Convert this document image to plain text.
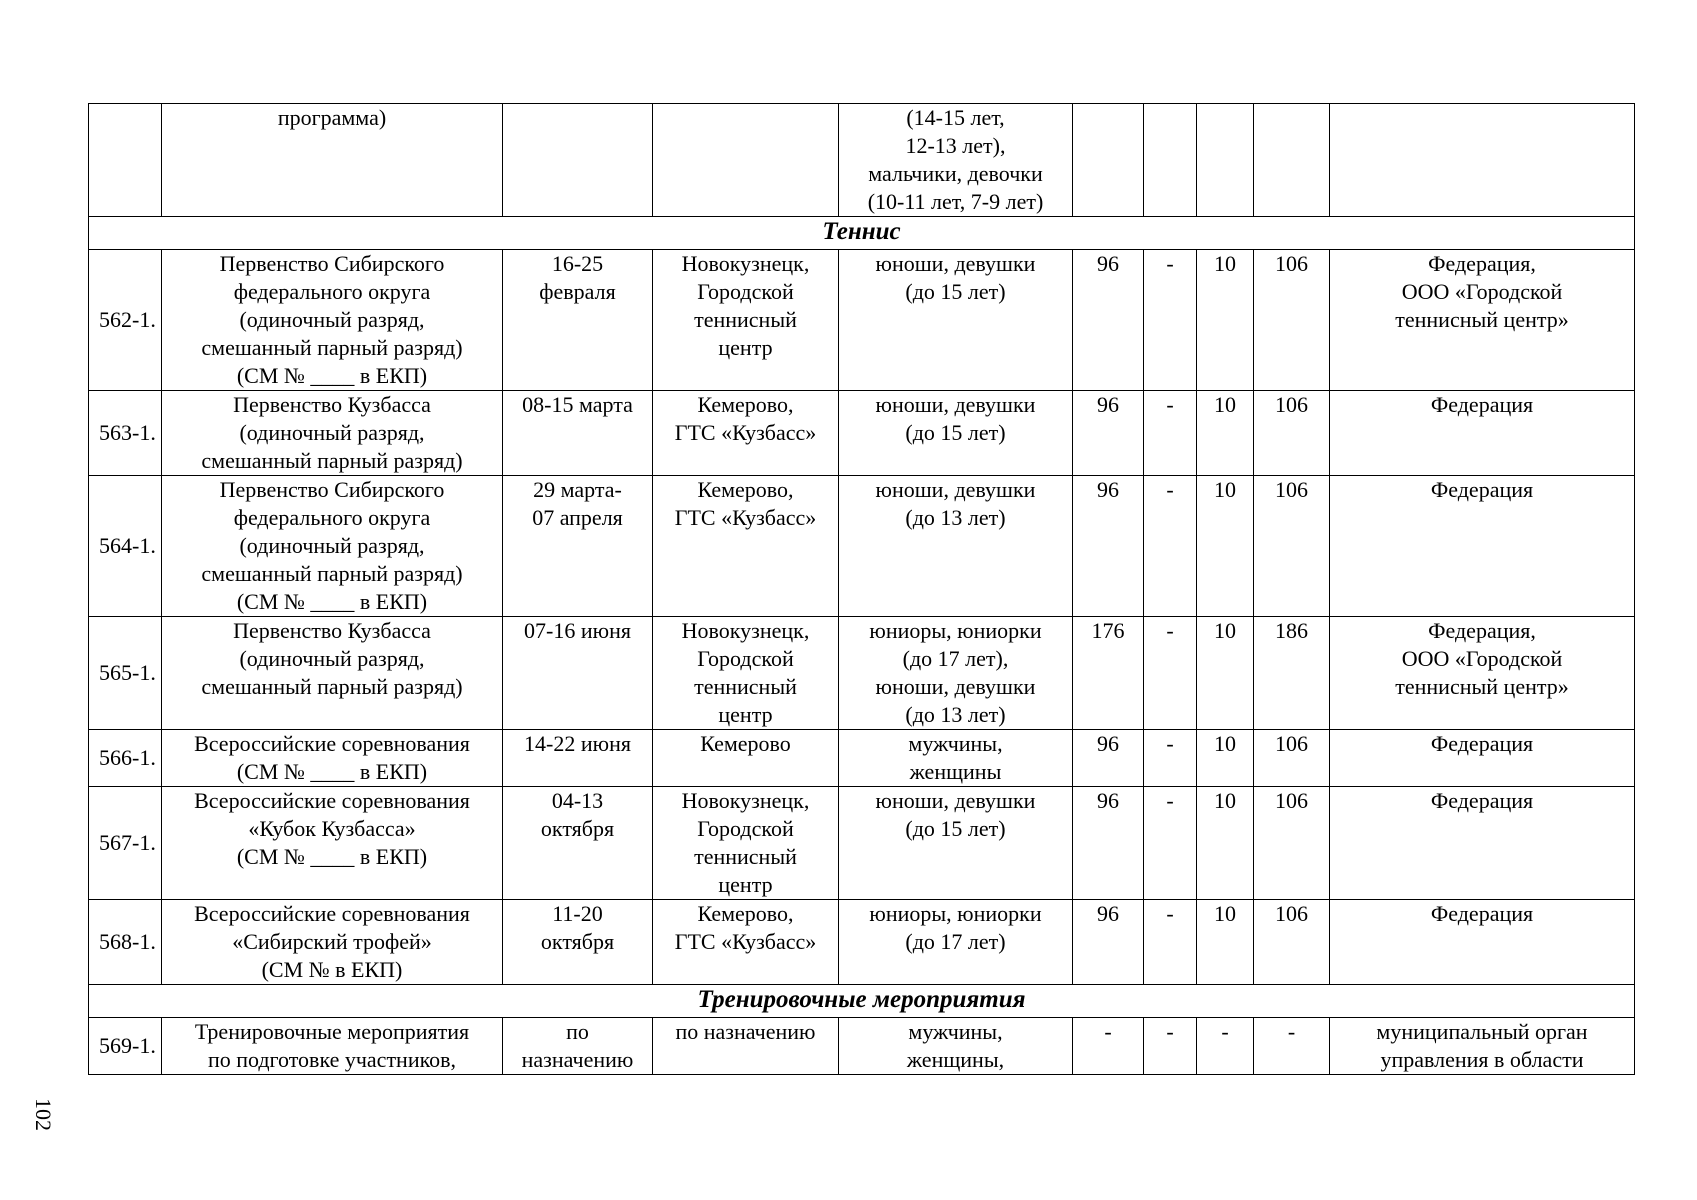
	программа)			(14-15 лет,
12-13 лет),
мальчики, девочки
(10-11 лет, 7-9 лет)					
Теннис									
562-1.	Первенство Сибирского
федерального округа
(одиночный разряд,
смешанный парный разряд)
(СМ № ____ в ЕКП)	16-25
февраля	Новокузнецк,
Городской
теннисный
центр	юноши, девушки
(до 15 лет)	96	-	10	106	Федерация,
ООО «Городской
теннисный центр»
563-1.	Первенство Кузбасса
(одиночный разряд,
смешанный парный разряд)	08-15 марта	Кемерово,
ГТС «Кузбасс»	юноши, девушки
(до 15 лет)	96	-	10	106	Федерация
564-1.	Первенство Сибирского
федерального округа
(одиночный разряд,
смешанный парный разряд)
(СМ № ____ в ЕКП)	29 марта-
07 апреля	Кемерово,
ГТС «Кузбасс»	юноши, девушки
(до 13 лет)	96	-	10	106	Федерация
565-1.	Первенство Кузбасса
(одиночный разряд,
смешанный парный разряд)	07-16 июня	Новокузнецк,
Городской
теннисный
центр	юниоры, юниорки
(до 17 лет),
юноши, девушки
(до 13 лет)	176	-	10	186	Федерация,
ООО «Городской
теннисный центр»
566-1.	Всероссийские соревнования
(СМ № ____ в ЕКП)	14-22 июня	Кемерово	мужчины,
женщины	96	-	10	106	Федерация
567-1.	Всероссийские соревнования
«Кубок Кузбасса»
(СМ № ____ в ЕКП)	04-13
октября	Новокузнецк,
Городской
теннисный
центр	юноши, девушки
(до 15 лет)	96	-	10	106	Федерация
568-1.	Всероссийские соревнования
«Сибирский трофей»
(СМ № в ЕКП)	11-20
октября	Кемерово,
ГТС «Кузбасс»	юниоры, юниорки
(до 17 лет)	96	-	10	106	Федерация
Тренировочные мероприятия									
569-1.	Тренировочные мероприятия
по подготовке участников,	по
назначению	по назначению	мужчины,
женщины,	-	-	-	-	муниципальный орган
управления в области
102
